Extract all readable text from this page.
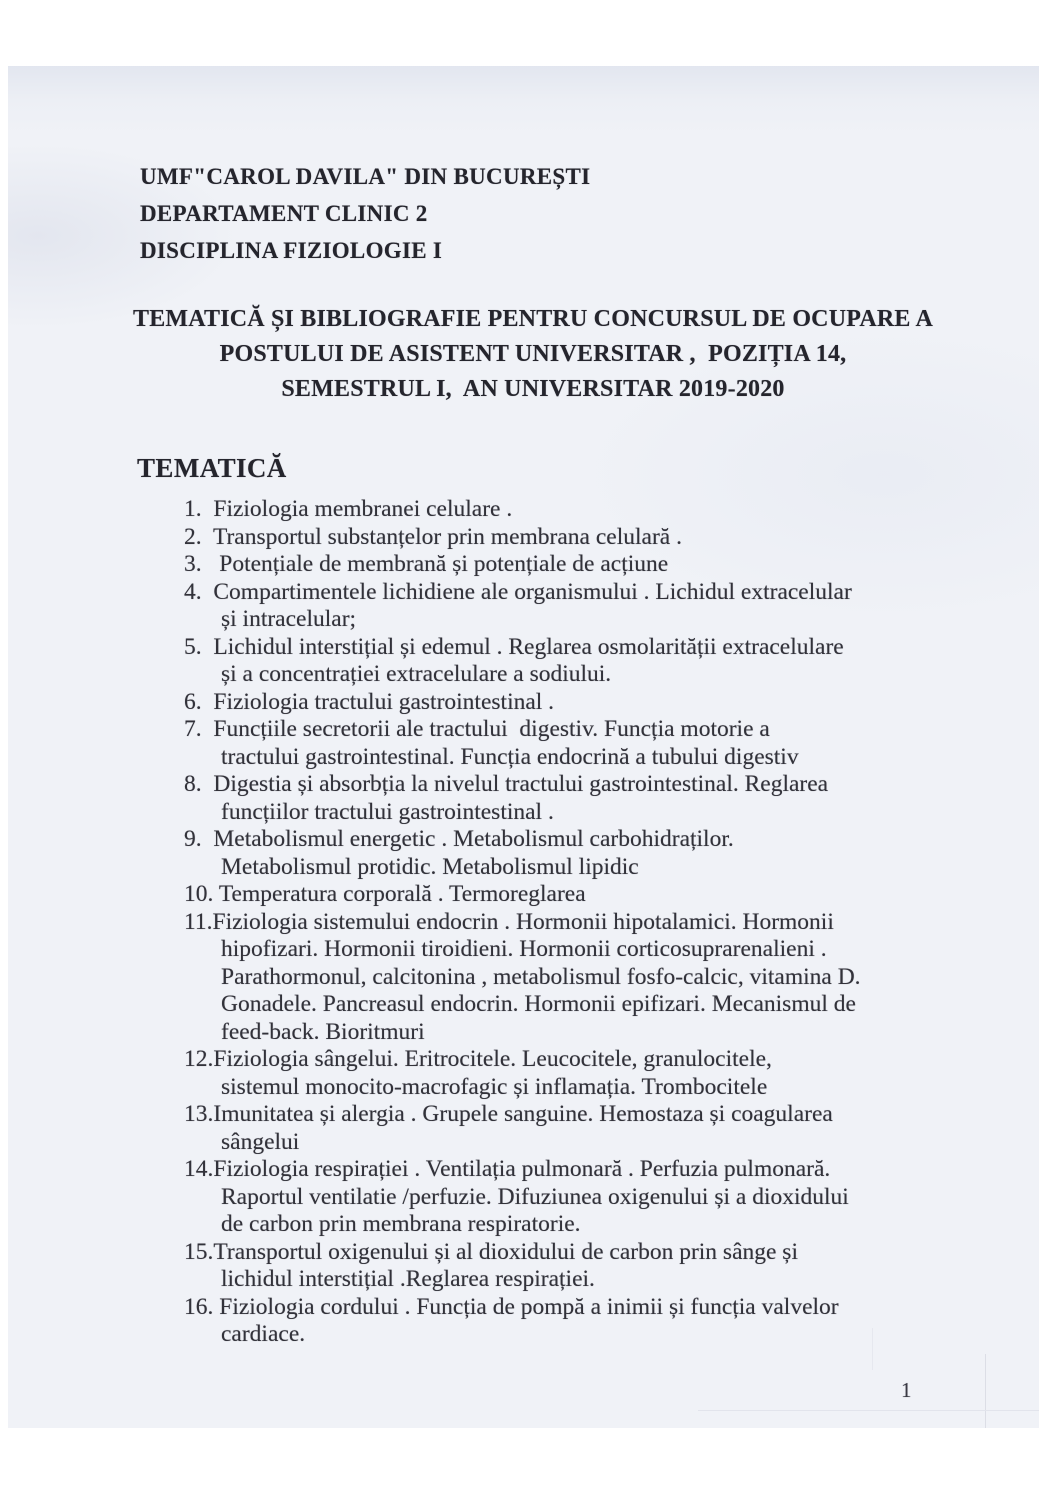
UMF"CAROL DAVILA" DIN BUCUREȘTI
DEPARTAMENT CLINIC 2
DISCIPLINA FIZIOLOGIE I
TEMATICĂ ȘI BIBLIOGRAFIE PENTRU CONCURSUL DE OCUPARE A
POSTULUI DE ASISTENT UNIVERSITAR ,  POZIȚIA 14,
SEMESTRUL I,  AN UNIVERSITAR 2019-2020
TEMATICĂ
1.  Fiziologia membranei celulare .
2.  Transportul substanțelor prin membrana celulară .
3.   Potențiale de membrană și potențiale de acțiune
4.  Compartimentele lichidiene ale organismului . Lichidul extracelular
și intracelular;
5.  Lichidul interstițial și edemul . Reglarea osmolarității extracelulare
și a concentrației extracelulare a sodiului.
6.  Fiziologia tractului gastrointestinal .
7.  Funcțiile secretorii ale tractului  digestiv. Funcția motorie a
tractului gastrointestinal. Funcția endocrină a tubului digestiv
8.  Digestia și absorbția la nivelul tractului gastrointestinal. Reglarea
funcțiilor tractului gastrointestinal .
9.  Metabolismul energetic . Metabolismul carbohidraților.
Metabolismul protidic. Metabolismul lipidic
10. Temperatura corporală . Termoreglarea
11.Fiziologia sistemului endocrin . Hormonii hipotalamici. Hormonii
hipofizari. Hormonii tiroidieni. Hormonii corticosuprarenalieni .
Parathormonul, calcitonina , metabolismul fosfo-calcic, vitamina D.
Gonadele. Pancreasul endocrin. Hormonii epifizari. Mecanismul de
feed-back. Bioritmuri
12.Fiziologia sângelui. Eritrocitele. Leucocitele, granulocitele,
sistemul monocito-macrofagic și inflamația. Trombocitele
13.Imunitatea și alergia . Grupele sanguine. Hemostaza și coagularea
sângelui
14.Fiziologia respirației . Ventilația pulmonară . Perfuzia pulmonară.
Raportul ventilatie /perfuzie. Difuziunea oxigenului și a dioxidului
de carbon prin membrana respiratorie.
15.Transportul oxigenului și al dioxidului de carbon prin sânge și
lichidul interstițial .Reglarea respirației.
16. Fiziologia cordului . Funcția de pompă a inimii și funcția valvelor
cardiace.
1
